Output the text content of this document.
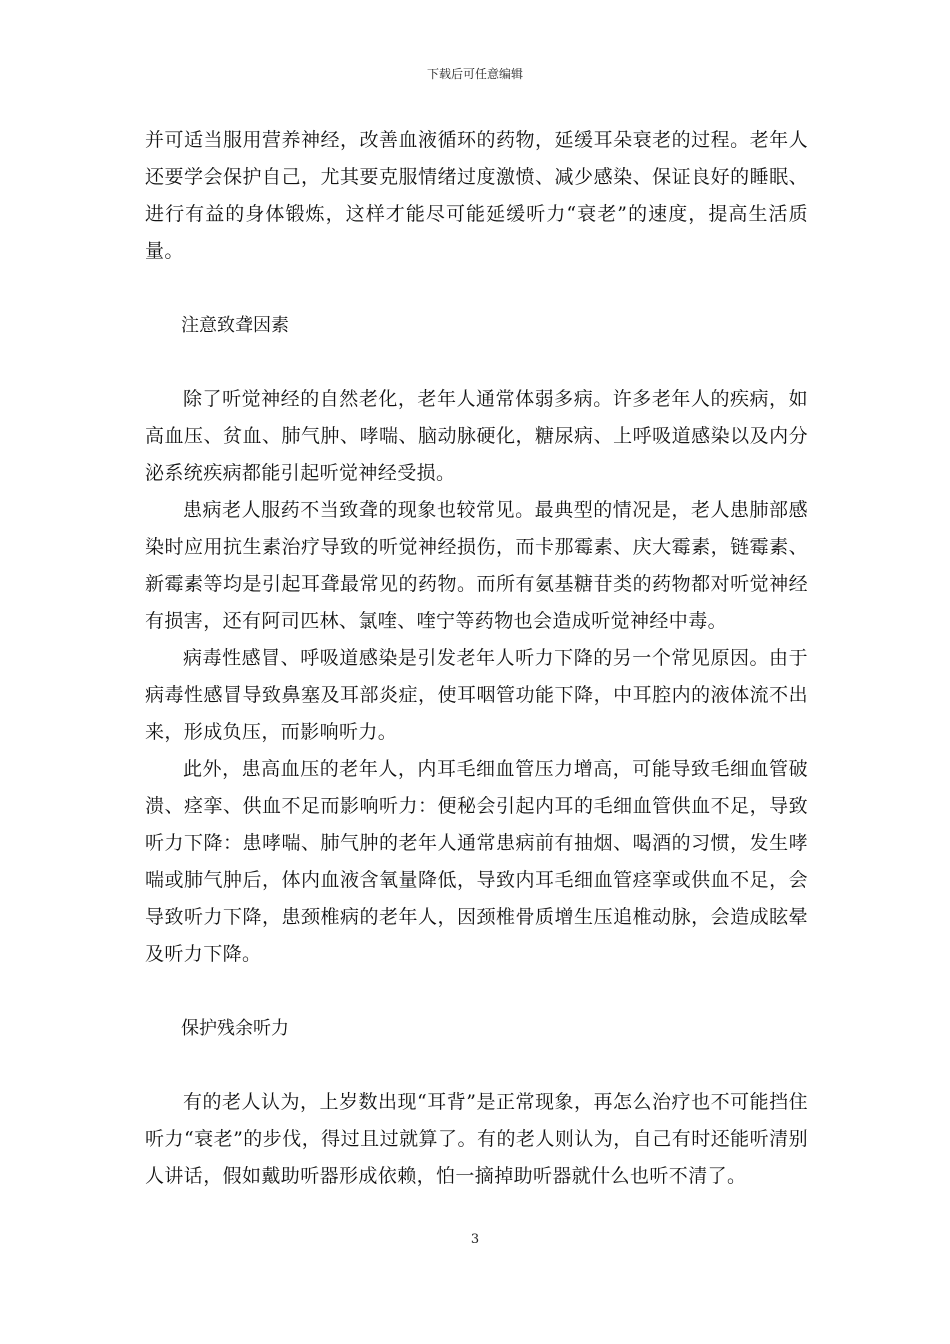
下载后可任意编辑

并可适当服用营养神经，改善血液循环的药物，延缓耳朵衰老的过程。老年人还要学会保护自己，尤其要克服情绪过度激愤、减少感染、保证良好的睡眠、进行有益的身体锻炼，这样才能尽可能延缓听力“衰老”的速度，提高生活质量。

注意致聋因素

除了听觉神经的自然老化，老年人通常体弱多病。许多老年人的疾病，如高血压、贫血、肺气肿、哮喘、脑动脉硬化，糖尿病、上呼吸道感染以及内分泌系统疾病都能引起听觉神经受损。

患病老人服药不当致聋的现象也较常见。最典型的情况是，老人患肺部感染时应用抗生素治疗导致的听觉神经损伤，而卡那霉素、庆大霉素，链霉素、新霉素等均是引起耳聋最常见的药物。而所有氨基糖苷类的药物都对听觉神经有损害，还有阿司匹林、氯喹、喹宁等药物也会造成听觉神经中毒。

病毒性感冒、呼吸道感染是引发老年人听力下降的另一个常见原因。由于病毒性感冒导致鼻塞及耳部炎症，使耳咽管功能下降，中耳腔内的液体流不出来，形成负压，而影响听力。

此外，患高血压的老年人，内耳毛细血管压力增高，可能导致毛细血管破溃、痉挛、供血不足而影响听力：便秘会引起内耳的毛细血管供血不足，导致听力下降：患哮喘、肺气肿的老年人通常患病前有抽烟、喝酒的习惯，发生哮喘或肺气肿后，体内血液含氧量降低，导致内耳毛细血管痉挛或供血不足，会导致听力下降，患颈椎病的老年人，因颈椎骨质增生压追椎动脉，会造成眩晕及听力下降。

保护残余听力

有的老人认为，上岁数出现“耳背”是正常现象，再怎么治疗也不可能挡住听力“衰老”的步伐，得过且过就算了。有的老人则认为，自己有时还能听清别人讲话，假如戴助听器形成依赖，怕一摘掉助听器就什么也听不清了。

3
